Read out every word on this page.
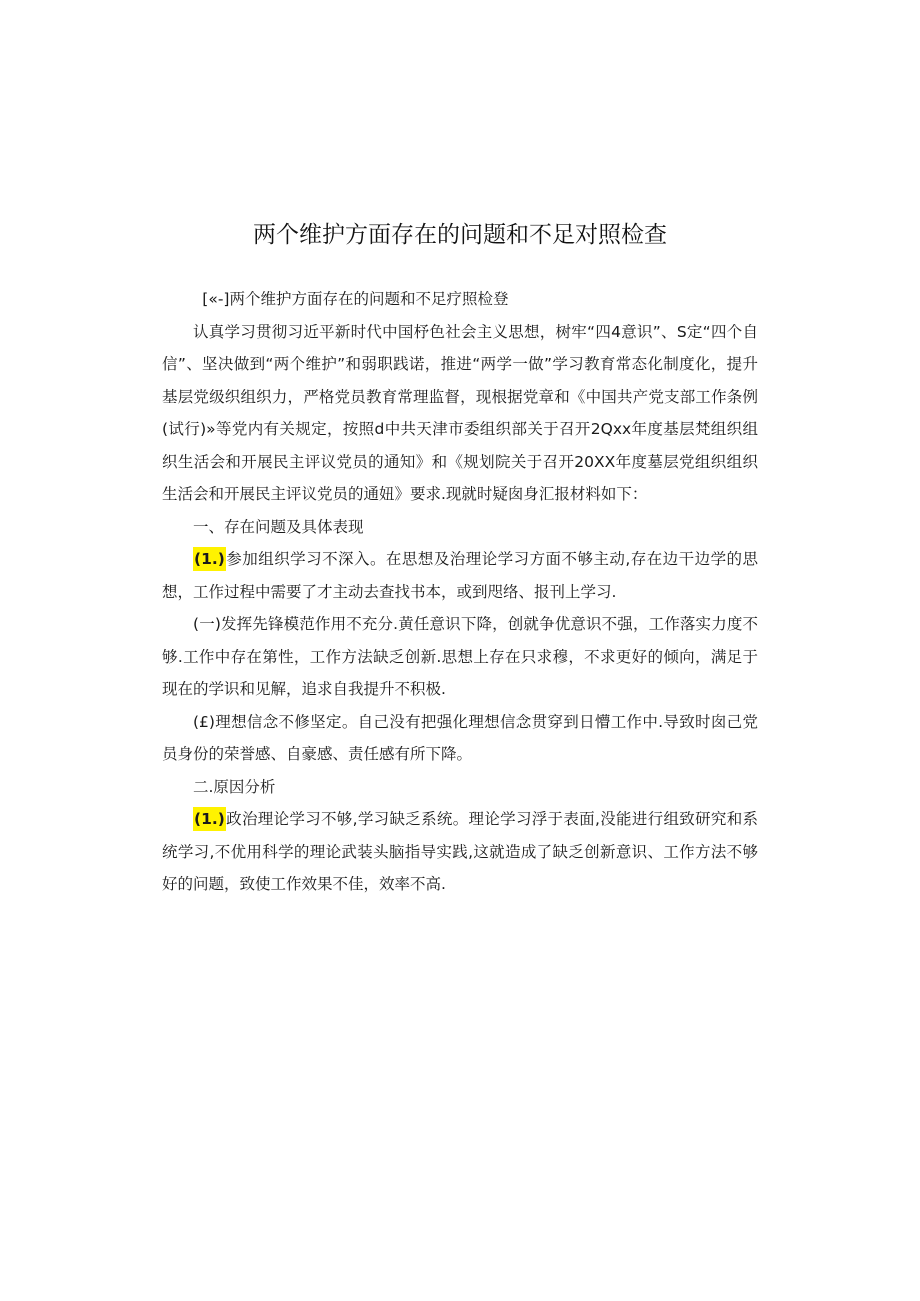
两个维护方面存在的问题和不足对照检查

[«-]两个维护方面存在的问题和不足疗照检登

认真学习贯彻习近平新时代中国杼色社会主义思想，树牢“四4意识”、S定“四个自信”、坚决做到“两个维护”和弱职践诺，推进“两学一做”学习教育常态化制度化，提升基层党级织组织力，严格党员教育常理监督，现根据党章和《中国共产党支部工作条例(试行)»等党内有关规定，按照d中共天津市委组织部关于召开2Qxx年度基层梵组织组织生活会和开展民主评议党员的通知》和《规划院关于召开20XX年度墓层党组织组织生活会和开展民主评议党员的通妞》要求.现就时疑囱身汇报材料如下：

一、存在问题及具体表现

(1.)参加组织学习不深入。在思想及治理论学习方面不够主动,存在边干边学的思想，工作过程中需要了才主动去查找书本，或到咫络、报刊上学习.

(一)发挥先锋模范作用不充分.黄任意识下降，创就争优意识不强，工作落实力度不够.工作中存在第性，工作方法缺乏创新.思想上存在只求穆，不求更好的倾向，满足于现在的学识和见解，追求自我提升不积极.

(£)理想信念不修坚定。自己没有把强化理想信念贯穿到日懵工作中.导致时囱己党员身份的荣誉感、自豪感、责任感有所下降。

二.原因分析

(1.)政治理论学习不够,学习缺乏系统。理论学习浮于表面,没能进行组致研究和系统学习,不优用科学的理论武装头脑指导实践,这就造成了缺乏创新意识、工作方法不够好的问题，致使工作效果不佳，效率不高.
